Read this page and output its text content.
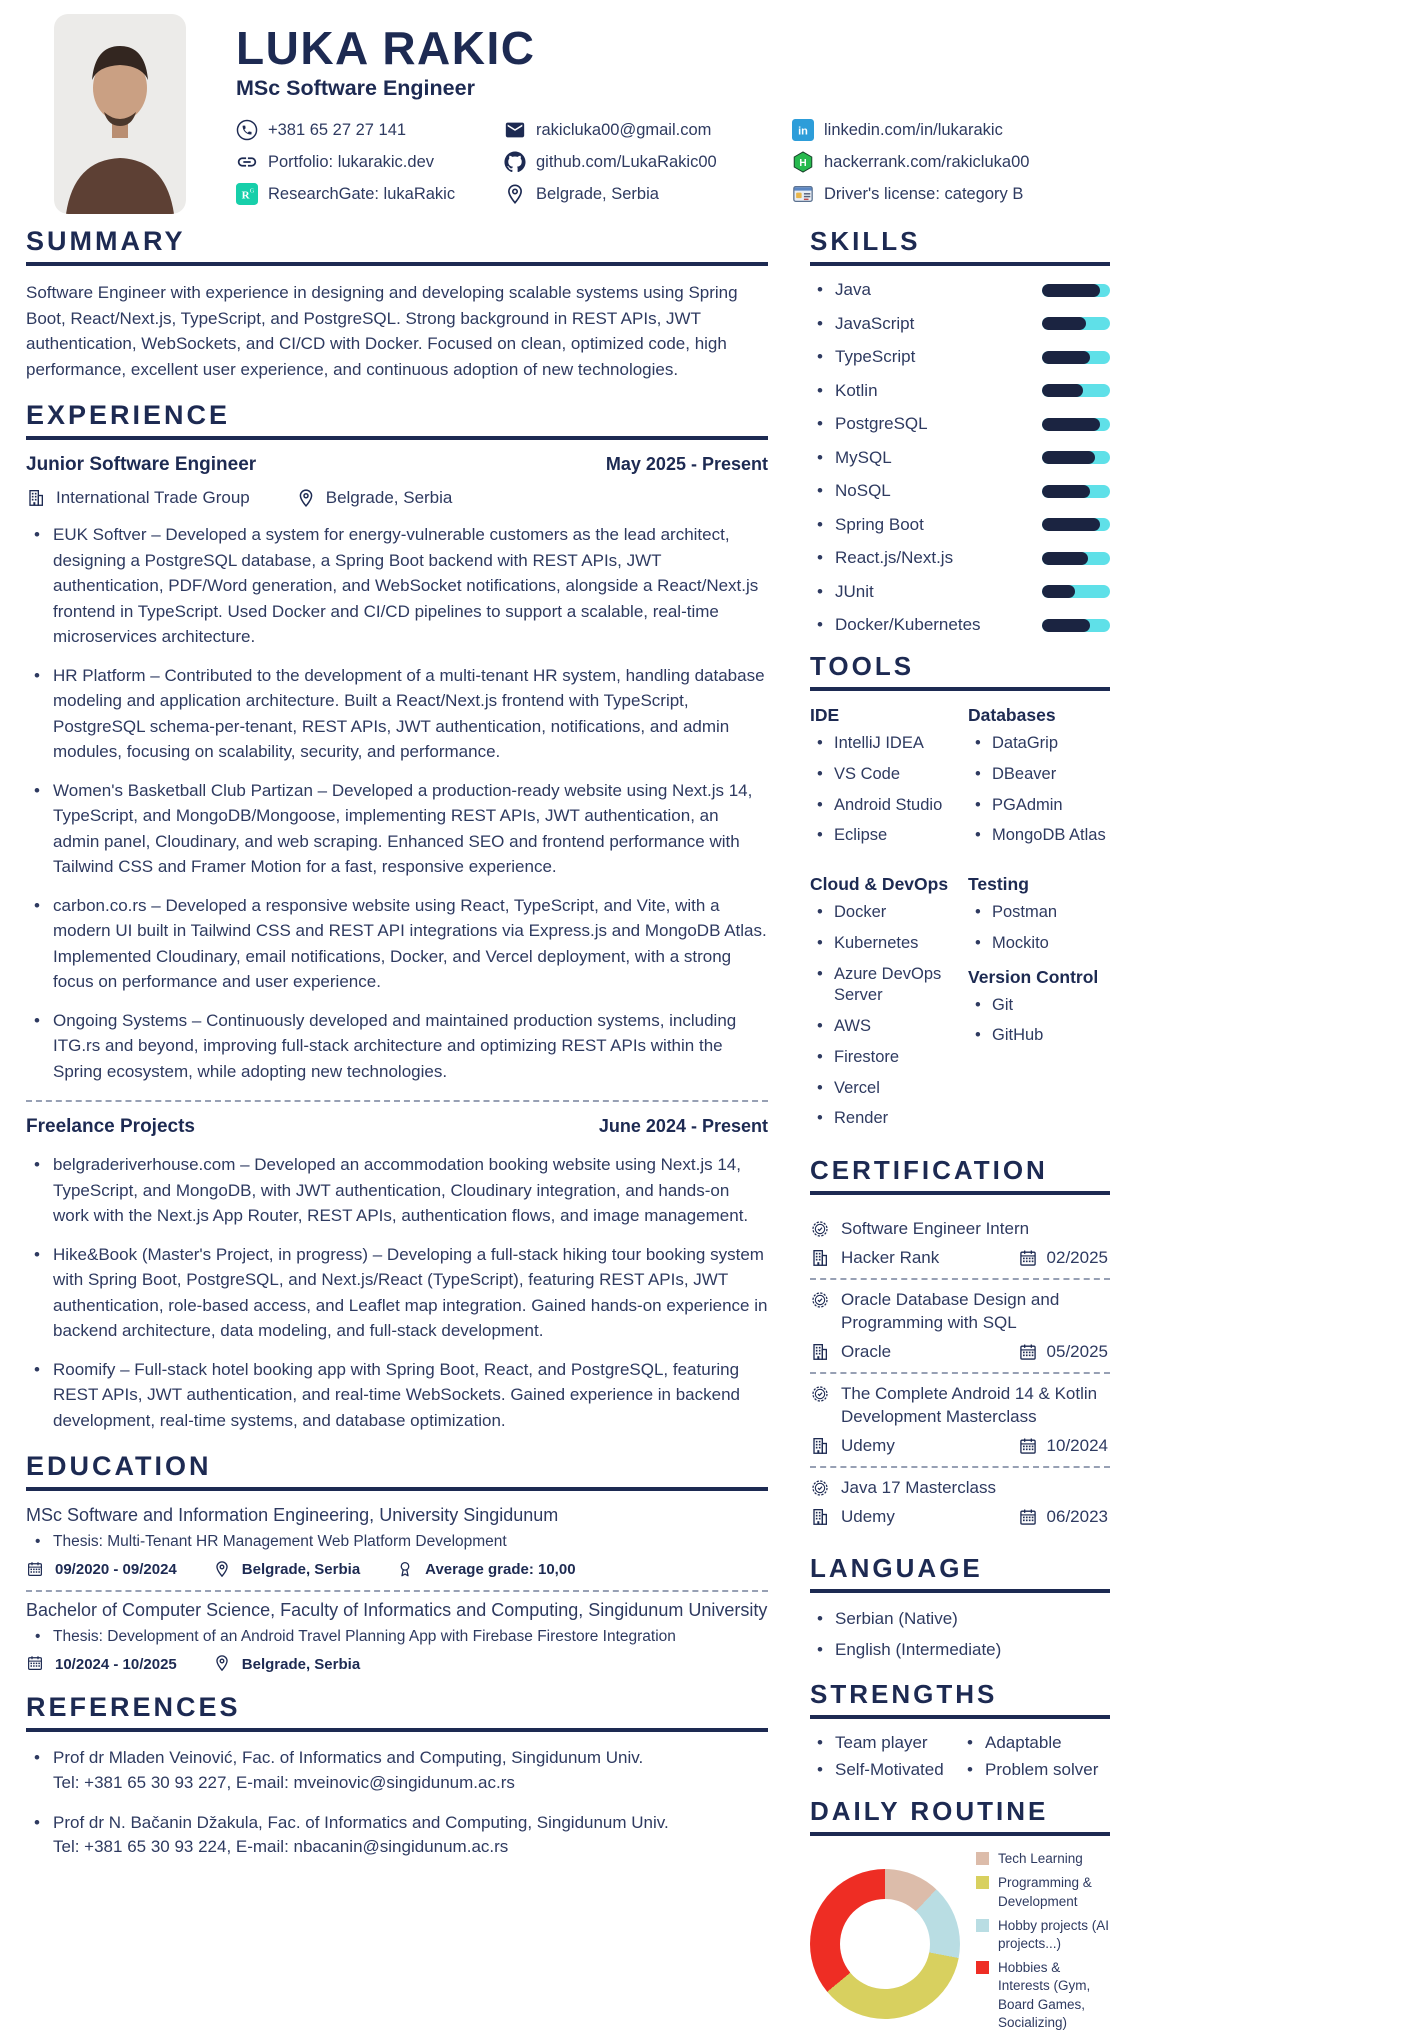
LUKA RAKIC
MSc Software Engineer
+381 65 27 27 141	rakicluka00@gmail.com	in linkedin.com/in/lukarakic
Portfolio: lukarakic.dev	github.com/LukaRakic00	H hackerrank.com/rakicluka00
R G ResearchGate: lukaRakic	Belgrade, Serbia	Driver's license: category B
SUMMARY

Software Engineer with experience in designing and developing scalable systems using Spring Boot, React/Next.js, TypeScript, and PostgreSQL. Strong background in REST APIs, JWT authentication, WebSockets, and CI/CD with Docker. Focused on clean, optimized code, high performance, excellent user experience, and continuous adoption of new technologies.

EXPERIENCE
Junior Software Engineer	May 2025 - Present
International Trade Group	Belgrade, Serbia
• EUK Softver – Developed a system for energy-vulnerable customers as the lead architect, designing a PostgreSQL database, a Spring Boot backend with REST APIs, JWT authentication, PDF/Word generation, and WebSocket notifications, alongside a React/Next.js frontend in TypeScript. Used Docker and CI/CD pipelines to support a scalable, real-time microservices architecture.
• HR Platform – Contributed to the development of a multi-tenant HR system, handling database modeling and application architecture. Built a React/Next.js frontend with TypeScript, PostgreSQL schema-per-tenant, REST APIs, JWT authentication, notifications, and admin modules, focusing on scalability, security, and performance.
• Women's Basketball Club Partizan – Developed a production-ready website using Next.js 14, TypeScript, and MongoDB/Mongoose, implementing REST APIs, JWT authentication, an admin panel, Cloudinary, and web scraping. Enhanced SEO and frontend performance with Tailwind CSS and Framer Motion for a fast, responsive experience.
• carbon.co.rs – Developed a responsive website using React, TypeScript, and Vite, with a modern UI built in Tailwind CSS and REST API integrations via Express.js and MongoDB Atlas. Implemented Cloudinary, email notifications, Docker, and Vercel deployment, with a strong focus on performance and user experience.
• Ongoing Systems – Continuously developed and maintained production systems, including ITG.rs and beyond, improving full-stack architecture and optimizing REST APIs within the Spring ecosystem, while adopting new technologies.
Freelance Projects	June 2024 - Present
• belgraderiverhouse.com – Developed an accommodation booking website using Next.js 14, TypeScript, and MongoDB, with JWT authentication, Cloudinary integration, and hands-on work with the Next.js App Router, REST APIs, authentication flows, and image management.
• Hike&Book (Master's Project, in progress) – Developing a full-stack hiking tour booking system with Spring Boot, PostgreSQL, and Next.js/React (TypeScript), featuring REST APIs, JWT authentication, role-based access, and Leaflet map integration. Gained hands-on experience in backend architecture, data modeling, and full-stack development.
• Roomify – Full-stack hotel booking app with Spring Boot, React, and PostgreSQL, featuring REST APIs, JWT authentication, and real-time WebSockets. Gained experience in backend development, real-time systems, and database optimization.
EDUCATION
MSc Software and Information Engineering, University Singidunum
• Thesis: Multi-Tenant HR Management Web Platform Development
09/2020 - 09/2024	Belgrade, Serbia	Average grade: 10,00
Bachelor of Computer Science, Faculty of Informatics and Computing, Singidunum University
• Thesis: Development of an Android Travel Planning App with Firebase Firestore Integration
10/2024 - 10/2025	Belgrade, Serbia
REFERENCES
• Prof dr Mladen Veinović, Fac. of Informatics and Computing, Singidunum Univ.
Tel: +381 65 30 93 227, E-mail: mveinovic@singidunum.ac.rs
• Prof dr N. Bačanin Džakula, Fac. of Informatics and Computing, Singidunum Univ.
Tel: +381 65 30 93 224, E-mail: nbacanin@singidunum.ac.rs
SKILLS
• Java
• JavaScript
• TypeScript
• Kotlin
• PostgreSQL
• MySQL
• NoSQL
• Spring Boot
• React.js/Next.js
• JUnit
• Docker/Kubernetes
TOOLS
IDE
• IntelliJ IDEA
• VS Code
• Android Studio
• Eclipse
Databases
• DataGrip
• DBeaver
• PGAdmin
• MongoDB Atlas
Cloud & DevOps
• Docker
• Kubernetes
• Azure DevOps Server
• AWS
• Firestore
• Vercel
• Render
Testing
• Postman
• Mockito
Version Control
• Git
• GitHub
CERTIFICATION
Software Engineer Intern
Hacker Rank	02/2025
Oracle Database Design and Programming with SQL
Oracle	05/2025
The Complete Android 14 & Kotlin Development Masterclass
Udemy	10/2024
Java 17 Masterclass
Udemy	06/2023
LANGUAGE
• Serbian (Native)
• English (Intermediate)
STRENGTHS
• Team player	• Adaptable
• Self-Motivated	• Problem solver
DAILY ROUTINE
Tech Learning
Programming & Development
Hobby projects (AI projects...)
Hobbies & Interests (Gym, Board Games, Socializing)
